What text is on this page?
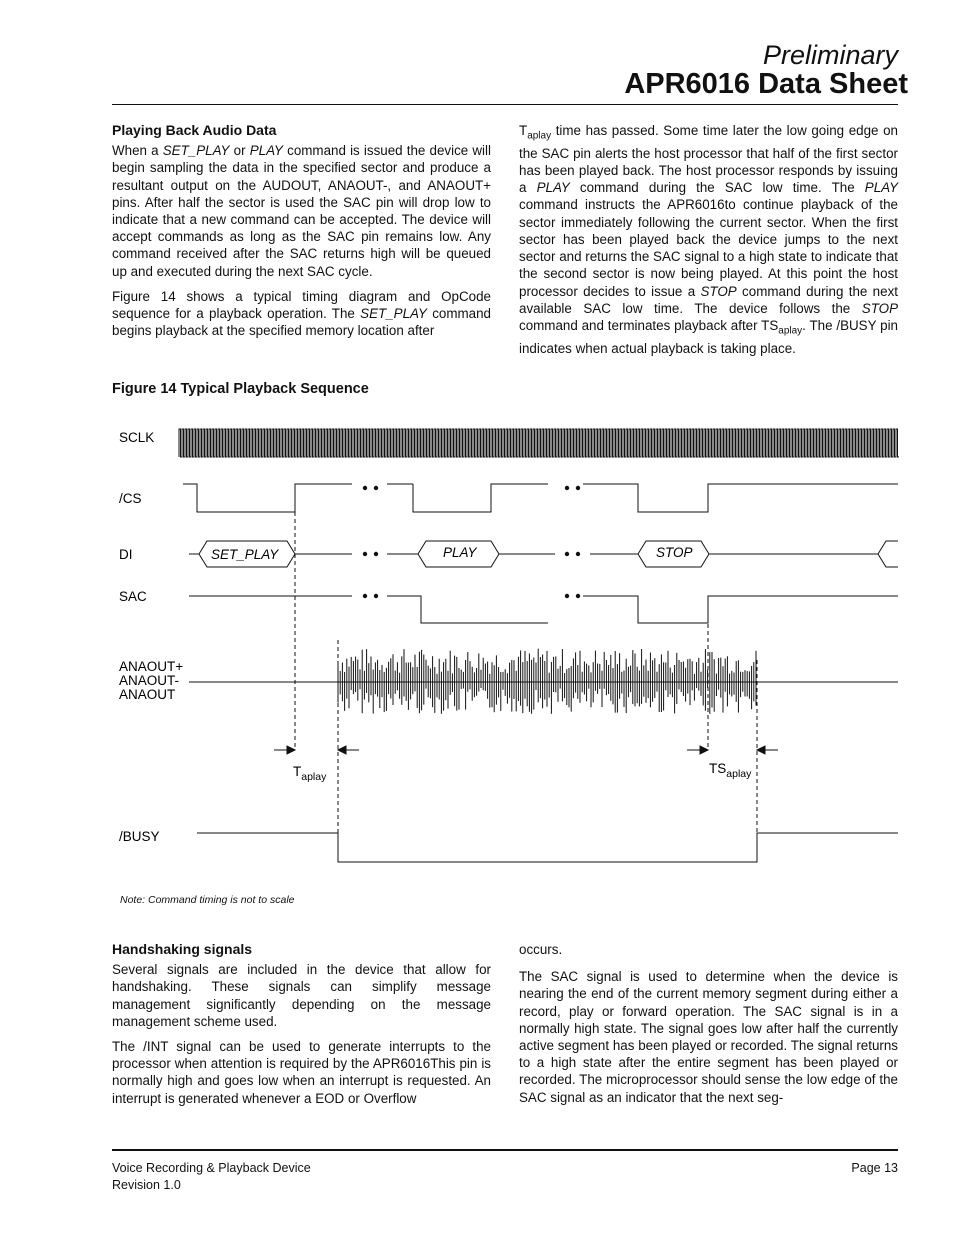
Preliminary
APR6016 Data Sheet
Playing Back Audio Data

When a SET_PLAY or PLAY command is issued the device will begin sampling the data in the specified sector and produce a resultant output on the AUDOUT, ANAOUT-, and ANAOUT+ pins. After half the sector is used the SAC pin will drop low to indicate that a new command can be accepted. The device will accept commands as long as the SAC pin remains low. Any command received after the SAC returns high will be queued up and executed during the next SAC cycle.

Figure 14 shows a typical timing diagram and OpCode sequence for a playback operation. The SET_PLAY command begins playback at the specified memory location after

$T_{aplay}$ time has passed. Some time later the low going edge on the SAC pin alerts the host processor that half of the first sector has been played back. The host processor responds by issuing a PLAY command during the SAC low time. The PLAY command instructs the APR6016to continue playback of the sector immediately following the current sector. When the first sector has been played back the device jumps to the next sector and returns the SAC signal to a high state to indicate that the second sector is now being played. At this point the host processor decides to issue a STOP command during the next available SAC low time. The device follows the STOP command and terminates playback after $TS_{aplay}$. The /BUSY pin indicates when actual playback is taking place.

Figure 14 Typical Playback Sequence
SCLK
/CS
DI
SAC
ANAOUT+
ANAOUT-
ANAOUT
/BUSY
SET_PLAY	PLAY	STOP
$T_{aplay}$
$TS_{aplay}$
Note: Command timing is not to scale
Handshaking signals

Several signals are included in the device that allow for handshaking. These signals can simplify message management significantly depending on the message management scheme used.

The /INT signal can be used to generate interrupts to the processor when attention is required by the APR6016This pin is normally high and goes low when an interrupt is requested. An interrupt is generated whenever a EOD or Overflow

occurs.

The SAC signal is used to determine when the device is nearing the end of the current memory segment during either a record, play or forward operation. The SAC signal is in a normally high state. The signal goes low after half the currently active segment has been played or recorded. The signal returns to a high state after the entire segment has been played or recorded. The microprocessor should sense the low edge of the SAC signal as an indicator that the next seg-

Voice Recording & Playback Device
Revision 1.0
Page 13
